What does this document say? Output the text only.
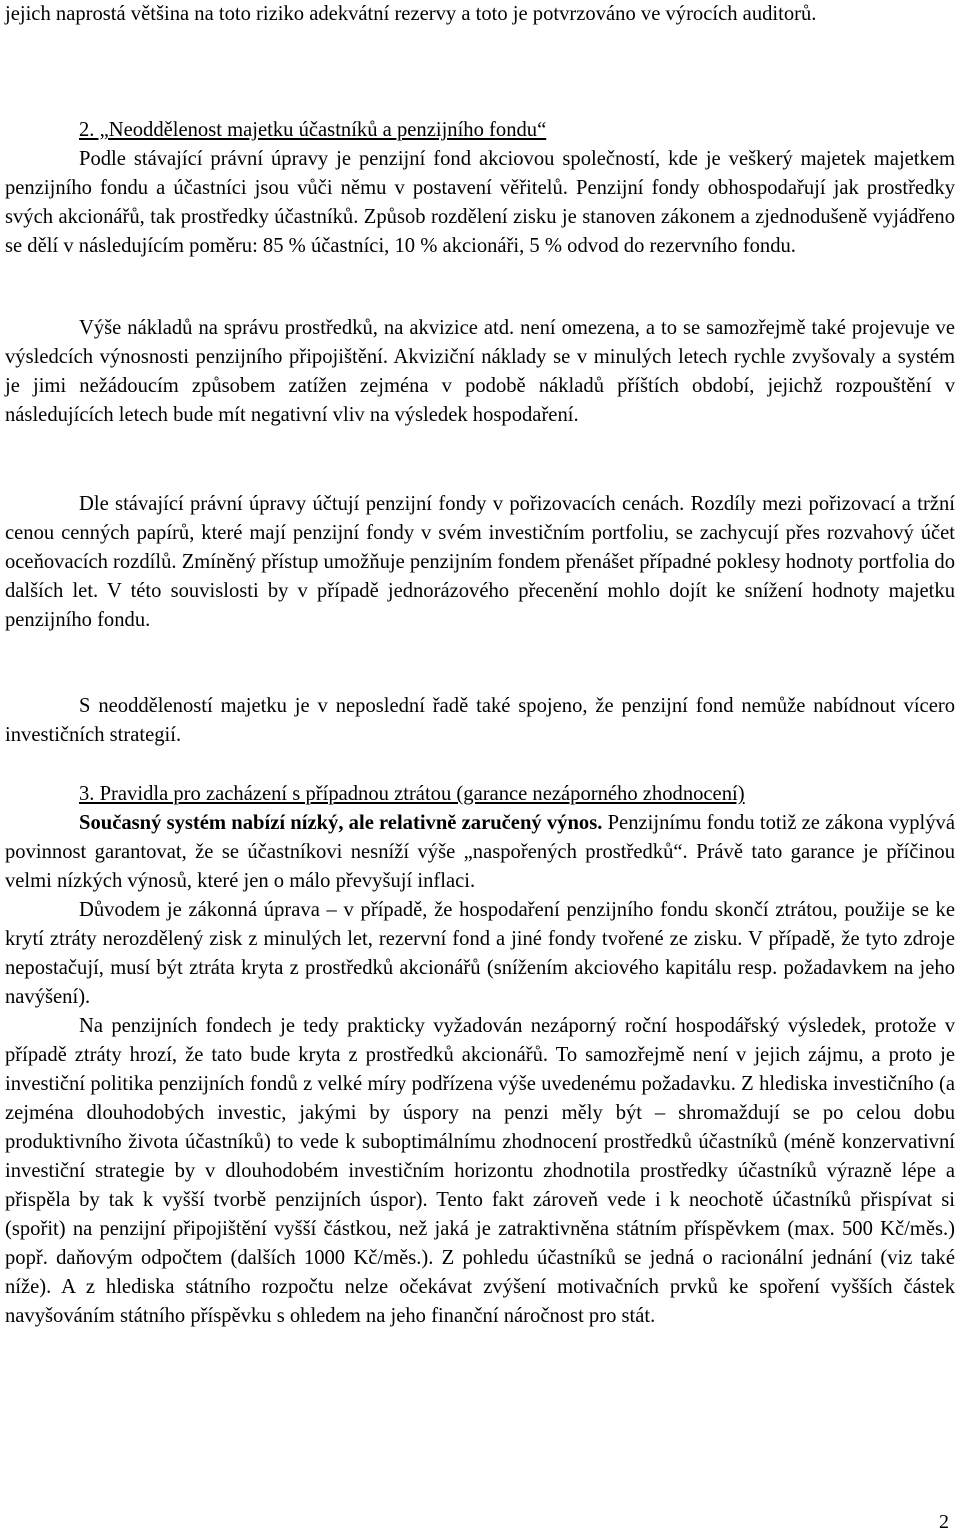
jejich naprostá většina na toto riziko adekvátní rezervy a toto je potvrzováno ve výrocích auditorů.

2. „Neoddělenost majetku účastníků a penzijního fondu“

Podle stávající právní úpravy je penzijní fond akciovou společností, kde je veškerý majetek majetkem penzijního fondu a účastníci jsou vůči němu v postavení věřitelů. Penzijní fondy obhospodařují jak prostředky svých akcionářů, tak prostředky účastníků. Způsob rozdělení zisku je stanoven zákonem a zjednodušeně vyjádřeno se dělí v následujícím poměru: 85 % účastníci, 10 % akcionáři, 5 % odvod do rezervního fondu.

Výše nákladů na správu prostředků, na akvizice atd. není omezena, a to se samozřejmě také projevuje ve výsledcích výnosnosti penzijního připojištění. Akviziční náklady se v minulých letech rychle zvyšovaly a systém je jimi nežádoucím způsobem zatížen zejména v podobě nákladů příštích období, jejichž rozpouštění v následujících letech bude mít negativní vliv na výsledek hospodaření.

Dle stávající právní úpravy účtují penzijní fondy v pořizovacích cenách. Rozdíly mezi pořizovací a tržní cenou cenných papírů, které mají penzijní fondy v svém investičním portfoliu, se zachycují přes rozvahový účet oceňovacích rozdílů. Zmíněný přístup umožňuje penzijním fondem přenášet případné poklesy hodnoty portfolia do dalších let. V této souvislosti by v případě jednorázového přecenění mohlo dojít ke snížení hodnoty majetku penzijního fondu.

S neodděleností majetku je v neposlední řadě také spojeno, že penzijní fond nemůže nabídnout vícero investičních strategií.

3. Pravidla pro zacházení s případnou ztrátou (garance nezáporného zhodnocení)

Současný systém nabízí nízký, ale relativně zaručený výnos. Penzijnímu fondu totiž ze zákona vyplývá povinnost garantovat, že se účastníkovi nesníží výše „naspořených prostředků“. Právě tato garance je příčinou velmi nízkých výnosů, které jen o málo převyšují inflaci.

Důvodem je zákonná úprava – v případě, že hospodaření penzijního fondu skončí ztrátou, použije se ke krytí ztráty nerozdělený zisk z minulých let, rezervní fond a jiné fondy tvořené ze zisku. V případě, že tyto zdroje nepostačují, musí být ztráta kryta z prostředků akcionářů (snížením akciového kapitálu resp. požadavkem na jeho navýšení).

Na penzijních fondech je tedy prakticky vyžadován nezáporný roční hospodářský výsledek, protože v případě ztráty hrozí, že tato bude kryta z prostředků akcionářů. To samozřejmě není v jejich zájmu, a proto je investiční politika penzijních fondů z velké míry podřízena výše uvedenému požadavku. Z hlediska investičního (a zejména dlouhodobých investic, jakými by úspory na penzi měly být – shromaždují se po celou dobu produktivního života účastníků) to vede k suboptimálnímu zhodnocení prostředků účastníků (méně konzervativní investiční strategie by v dlouhodobém investičním horizontu zhodnotila prostředky účastníků výrazně lépe a přispěla by tak k vyšší tvorbě penzijních úspor). Tento fakt zároveň vede i k neochotě účastníků přispívat si (spořit) na penzijní připojištění vyšší částkou, než jaká je zatraktivněna státním příspěvkem (max. 500 Kč/měs.) popř. daňovým odpočtem (dalších 1000 Kč/měs.). Z pohledu účastníků se jedná o racionální jednání (viz také níže). A z hlediska státního rozpočtu nelze očekávat zvýšení motivačních prvků ke spoření vyšších částek navyšováním státního příspěvku s ohledem na jeho finanční náročnost pro stát.

2
